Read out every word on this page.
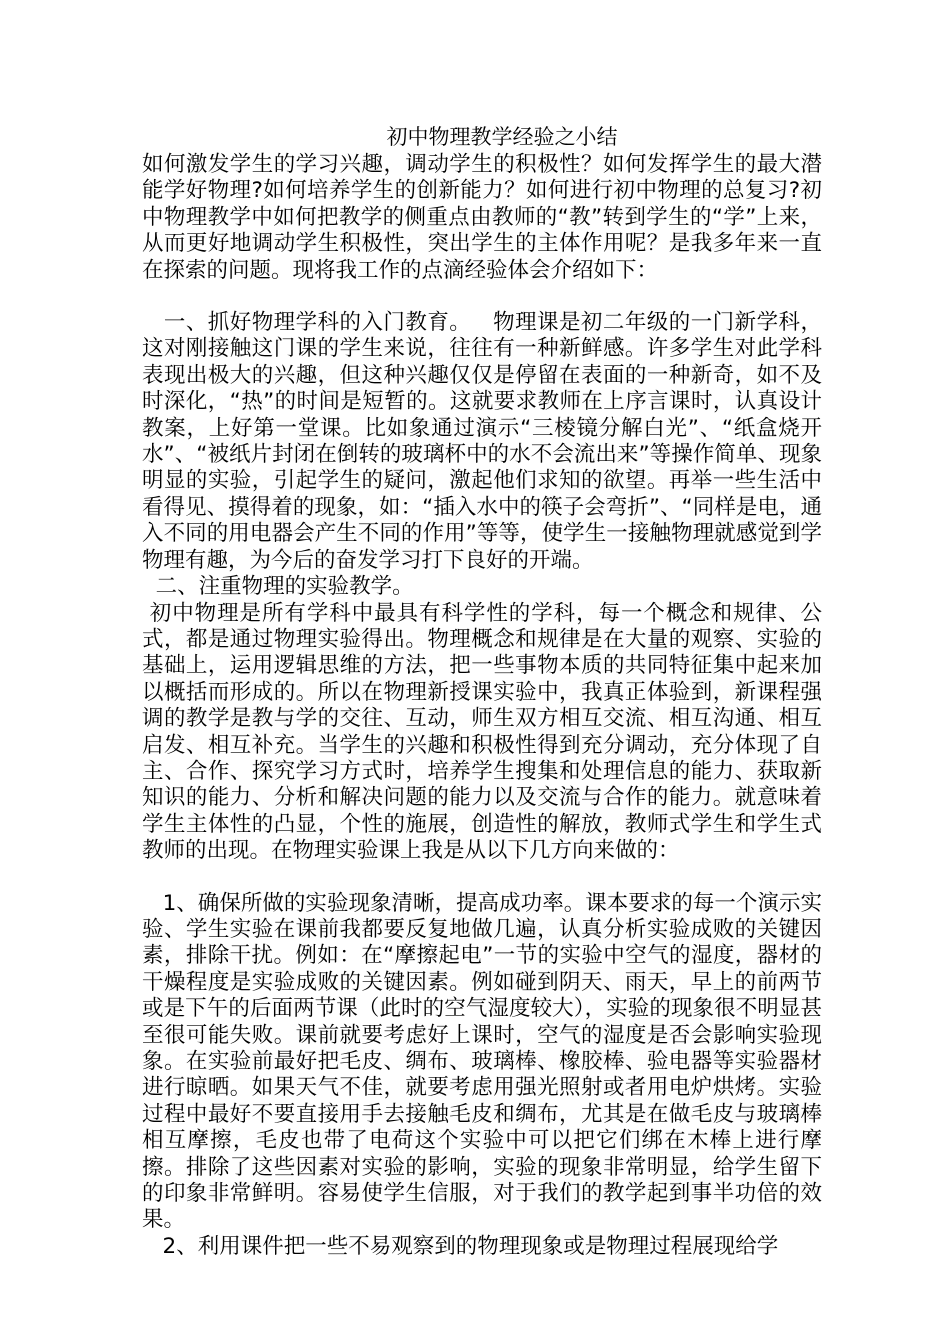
初中物理教学经验之小结

如何激发学生的学习兴趣，调动学生的积极性？如何发挥学生的最大潜能学好物理?如何培养学生的创新能力？如何进行初中物理的总复习?初中物理教学中如何把教学的侧重点由教师的“教”转到学生的“学”上来，从而更好地调动学生积极性，突出学生的主体作用呢？是我多年来一直在探索的问题。现将我工作的点滴经验体会介绍如下：

一、抓好物理学科的入门教育。   物理课是初二年级的一门新学科，这对刚接触这门课的学生来说，往往有一种新鲜感。许多学生对此学科表现出极大的兴趣，但这种兴趣仅仅是停留在表面的一种新奇，如不及时深化，“热”的时间是短暂的。这就要求教师在上序言课时，认真设计教案，上好第一堂课。比如象通过演示“三棱镜分解白光”、“纸盒烧开水”、“被纸片封闭在倒转的玻璃杯中的水不会流出来”等操作简单、现象明显的实验，引起学生的疑问，激起他们求知的欲望。再举一些生活中看得见、摸得着的现象，如：“插入水中的筷子会弯折”、“同样是电，通入不同的用电器会产生不同的作用”等等，使学生一接触物理就感觉到学物理有趣，为今后的奋发学习打下良好的开端。

二、注重物理的实验教学。

初中物理是所有学科中最具有科学性的学科，每一个概念和规律、公式，都是通过物理实验得出。物理概念和规律是在大量的观察、实验的基础上，运用逻辑思维的方法，把一些事物本质的共同特征集中起来加以概括而形成的。所以在物理新授课实验中，我真正体验到，新课程强调的教学是教与学的交往、互动，师生双方相互交流、相互沟通、相互启发、相互补充。当学生的兴趣和积极性得到充分调动，充分体现了自主、合作、探究学习方式时，培养学生搜集和处理信息的能力、获取新知识的能力、分析和解决问题的能力以及交流与合作的能力。就意味着学生主体性的凸显，个性的施展，创造性的解放，教师式学生和学生式教师的出现。在物理实验课上我是从以下几方向来做的：

1、确保所做的实验现象清晰，提高成功率。课本要求的每一个演示实验、学生实验在课前我都要反复地做几遍，认真分析实验成败的关键因素，排除干扰。例如：在“摩擦起电”一节的实验中空气的湿度，器材的干燥程度是实验成败的关键因素。例如碰到阴天、雨天，早上的前两节或是下午的后面两节课（此时的空气湿度较大），实验的现象很不明显甚至很可能失败。课前就要考虑好上课时，空气的湿度是否会影响实验现象。在实验前最好把毛皮、绸布、玻璃棒、橡胶棒、验电器等实验器材进行晾晒。如果天气不佳，就要考虑用强光照射或者用电炉烘烤。实验过程中最好不要直接用手去接触毛皮和绸布，尤其是在做毛皮与玻璃棒相互摩擦，毛皮也带了电荷这个实验中可以把它们绑在木棒上进行摩擦。排除了这些因素对实验的影响，实验的现象非常明显，给学生留下的印象非常鲜明。容易使学生信服，对于我们的教学起到事半功倍的效果。

2、利用课件把一些不易观察到的物理现象或是物理过程展现给学
